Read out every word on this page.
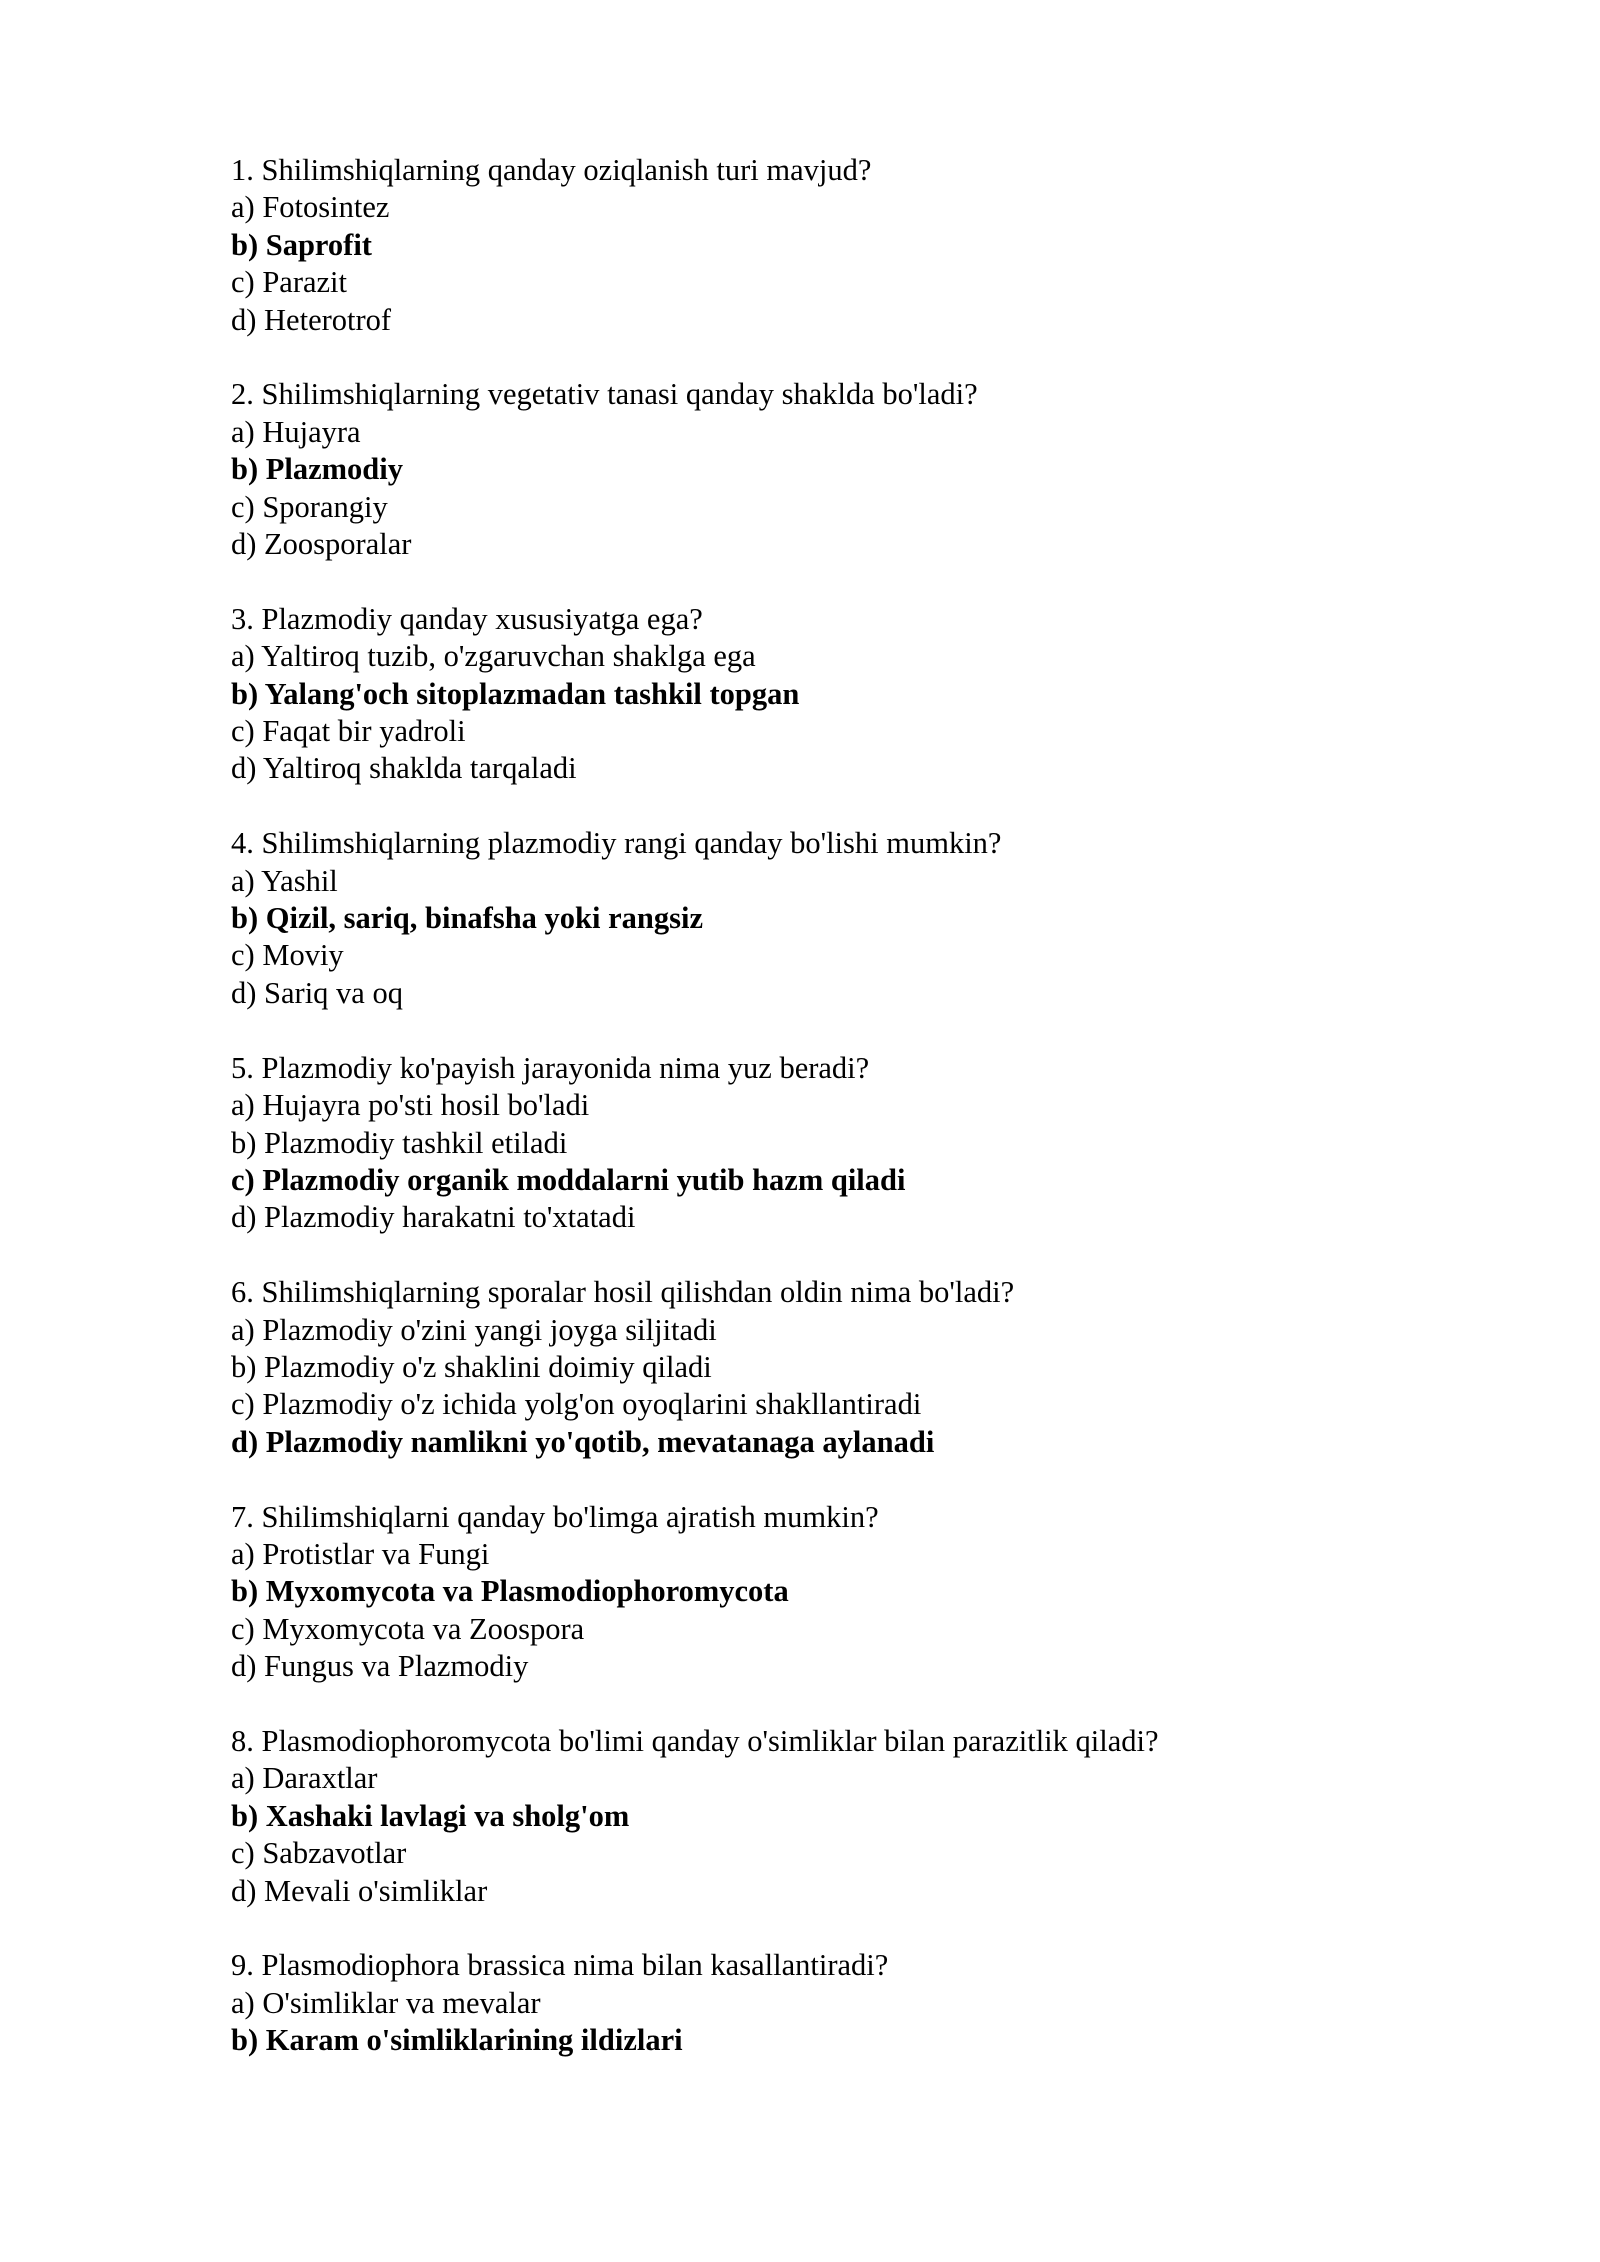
1. Shilimshiqlarning qanday oziqlanish turi mavjud?
a) Fotosintez
b) Saprofit
c) Parazit
d) Heterotrof
2. Shilimshiqlarning vegetativ tanasi qanday shaklda bo'ladi?
a) Hujayra
b) Plazmodiy
c) Sporangiy
d) Zoosporalar
3. Plazmodiy qanday xususiyatga ega?
a) Yaltiroq tuzib, o'zgaruvchan shaklga ega
b) Yalang'och sitoplazmadan tashkil topgan
c) Faqat bir yadroli
d) Yaltiroq shaklda tarqaladi
4. Shilimshiqlarning plazmodiy rangi qanday bo'lishi mumkin?
a) Yashil
b) Qizil, sariq, binafsha yoki rangsiz
c) Moviy
d) Sariq va oq
5. Plazmodiy ko'payish jarayonida nima yuz beradi?
a) Hujayra po'sti hosil bo'ladi
b) Plazmodiy tashkil etiladi
c) Plazmodiy organik moddalarni yutib hazm qiladi
d) Plazmodiy harakatni to'xtatadi
6. Shilimshiqlarning sporalar hosil qilishdan oldin nima bo'ladi?
a) Plazmodiy o'zini yangi joyga siljitadi
b) Plazmodiy o'z shaklini doimiy qiladi
c) Plazmodiy o'z ichida yolg'on oyoqlarini shakllantiradi
d) Plazmodiy namlikni yo'qotib, mevatanaga aylanadi
7. Shilimshiqlarni qanday bo'limga ajratish mumkin?
a) Protistlar va Fungi
b) Myxomycota va Plasmodiophoromycota
c) Myxomycota va Zoospora
d) Fungus va Plazmodiy
8. Plasmodiophoromycota bo'limi qanday o'simliklar bilan parazitlik qiladi?
a) Daraxtlar
b) Xashaki lavlagi va sholg'om
c) Sabzavotlar
d) Mevali o'simliklar
9. Plasmodiophora brassica nima bilan kasallantiradi?
a) O'simliklar va mevalar
b) Karam o'simliklarining ildizlari
